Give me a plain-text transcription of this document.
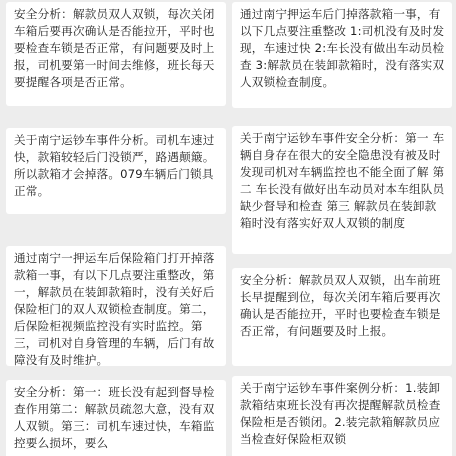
安全分析：解款员双人双锁，每次关闭车箱后要再次确认是否能拉开，平时也要检查车锁是否正常，有问题要及时上报，司机要第一时间去维修，班长每天要提醒各项是否正常。
关于南宁运钞车事件分析。司机车速过快，款箱较轻后门没锁严，路遇颠簸。所以款箱才会掉落。079车辆后门锁具正常。
通过南宁一押运车后保险箱门打开掉落款箱一事，有以下几点要注重整改，第一，解款员在装卸款箱时，没有关好后保险柜门的双人双锁检查制度。第二，后保险柜视频监控没有实时监控。第三，司机对自身管理的车辆，后门有故障没有及时维护。
安全分析：第一：班长没有起到督导检查作用第二：解款员疏忽大意，没有双人双锁。第三：司机车速过快，车箱监控要么损坏，要么
通过南宁押运车后门掉落款箱一事，有以下几点要注重整改 1:司机没有及时发现，车速过快 2:车长没有做出车动员检查 3:解款员在装卸款箱时，没有落实双人双锁检查制度。
关于南宁运钞车事件安全分析：第一 车辆自身存在很大的安全隐患没有被及时发现司机对车辆监控也不能全面了解 第二 车长没有做好出车动员对本车组队员缺少督导和检查 第三 解款员在装卸款箱时没有落实好双人双锁的制度
安全分析：解款员双人双锁，出车前班长早提醒到位，每次关闭车箱后要再次确认是否能拉开，平时也要检查车锁是否正常，有问题要及时上报。
关于南宁运钞车事件案例分析：1.装卸款箱结束班长没有再次提醒解款员检查保险柜是否锁闭。2.装完款箱解款员应当检查好保险柜双锁
